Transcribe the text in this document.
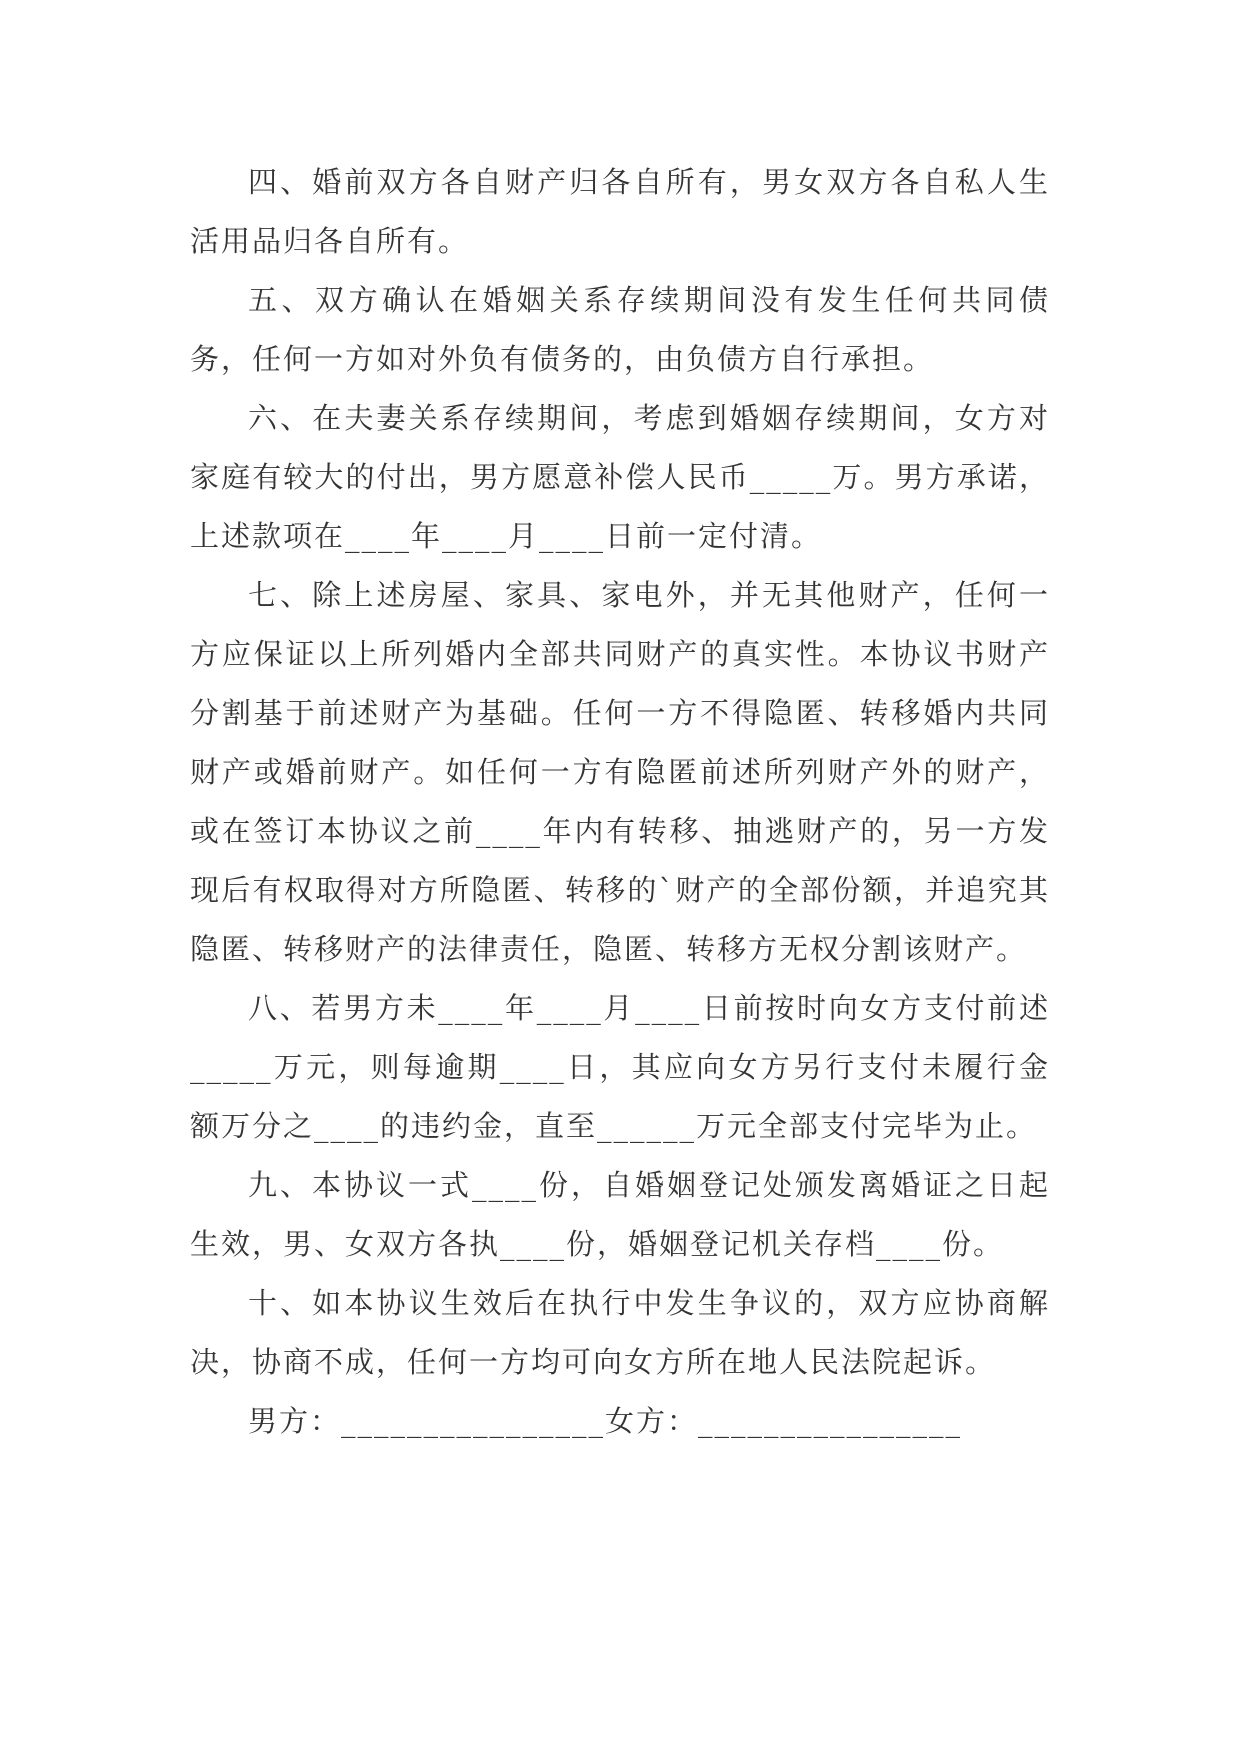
四、婚前双方各自财产归各自所有，男女双方各自私人生活用品归各自所有。

五、双方确认在婚姻关系存续期间没有发生任何共同债务，任何一方如对外负有债务的，由负债方自行承担。

六、在夫妻关系存续期间，考虑到婚姻存续期间，女方对家庭有较大的付出，男方愿意补偿人民币_____万。男方承诺，上述款项在____年____月____日前一定付清。

七、除上述房屋、家具、家电外，并无其他财产，任何一方应保证以上所列婚内全部共同财产的真实性。本协议书财产分割基于前述财产为基础。任何一方不得隐匿、转移婚内共同财产或婚前财产。如任何一方有隐匿前述所列财产外的财产，或在签订本协议之前____年内有转移、抽逃财产的，另一方发现后有权取得对方所隐匿、转移的`财产的全部份额，并追究其隐匿、转移财产的法律责任，隐匿、转移方无权分割该财产。

八、若男方未____年____月____日前按时向女方支付前述_____万元，则每逾期____日，其应向女方另行支付未履行金额万分之____的违约金，直至______万元全部支付完毕为止。

九、本协议一式____份，自婚姻登记处颁发离婚证之日起生效，男、女双方各执____份，婚姻登记机关存档____份。

十、如本协议生效后在执行中发生争议的，双方应协商解决，协商不成，任何一方均可向女方所在地人民法院起诉。

男方：________________女方：________________
